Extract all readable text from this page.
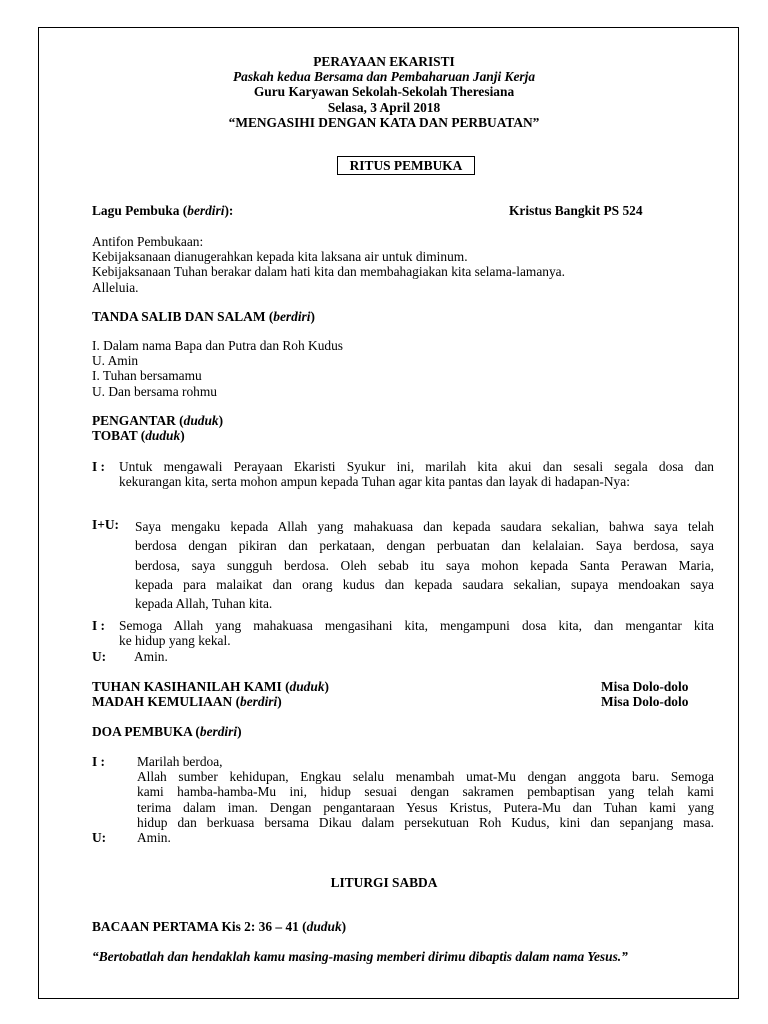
PERAYAAN EKARISTI
Paskah kedua Bersama dan Pembaharuan Janji Kerja
Guru Karyawan Sekolah-Sekolah Theresiana
Selasa, 3 April 2018
“MENGASIHI DENGAN KATA DAN PERBUATAN”
RITUS PEMBUKA
Lagu Pembuka (berdiri):	Kristus Bangkit PS 524
Antifon Pembukaan:
Kebijaksanaan dianugerahkan kepada kita laksana air untuk diminum.
Kebijaksanaan Tuhan berakar dalam hati kita dan membahagiakan kita selama-lamanya.
Alleluia.
TANDA SALIB DAN SALAM (berdiri)
I. Dalam nama Bapa dan Putra dan Roh Kudus
U. Amin
I. Tuhan bersamamu
U. Dan bersama rohmu
PENGANTAR (duduk)
TOBAT (duduk)
I : Untuk mengawali Perayaan Ekaristi Syukur ini, marilah kita akui dan sesali segala dosa dan
kekurangan kita, serta mohon ampun kepada Tuhan agar kita pantas dan layak di hadapan-Nya:
I+U: Saya mengaku kepada Allah yang mahakuasa dan kepada saudara sekalian, bahwa saya telah
berdosa dengan pikiran dan perkataan, dengan perbuatan dan kelalaian. Saya berdosa, saya
berdosa, saya sungguh berdosa. Oleh sebab itu saya mohon kepada Santa Perawan Maria,
kepada para malaikat dan orang kudus dan kepada saudara sekalian, supaya mendoakan saya
kepada Allah, Tuhan kita.
I : Semoga Allah yang mahakuasa mengasihani kita, mengampuni dosa kita, dan mengantar kita
ke hidup yang kekal.
U: Amin.
TUHAN KASIHANILAH KAMI (duduk)	Misa Dolo-dolo
MADAH KEMULIAAN (berdiri)	Misa Dolo-dolo
DOA PEMBUKA (berdiri)
I : Marilah berdoa,
Allah sumber kehidupan, Engkau selalu menambah umat-Mu dengan anggota baru. Semoga
kami hamba-hamba-Mu ini, hidup sesuai dengan sakramen pembaptisan yang telah kami
terima dalam iman. Dengan pengantaraan Yesus Kristus, Putera-Mu dan Tuhan kami yang
hidup dan berkuasa bersama Dikau dalam persekutuan Roh Kudus, kini dan sepanjang masa.
U: Amin.
LITURGI SABDA
BACAAN PERTAMA Kis 2: 36 – 41 (duduk)
“Bertobatlah dan hendaklah kamu masing-masing memberi dirimu dibaptis dalam nama Yesus.”
